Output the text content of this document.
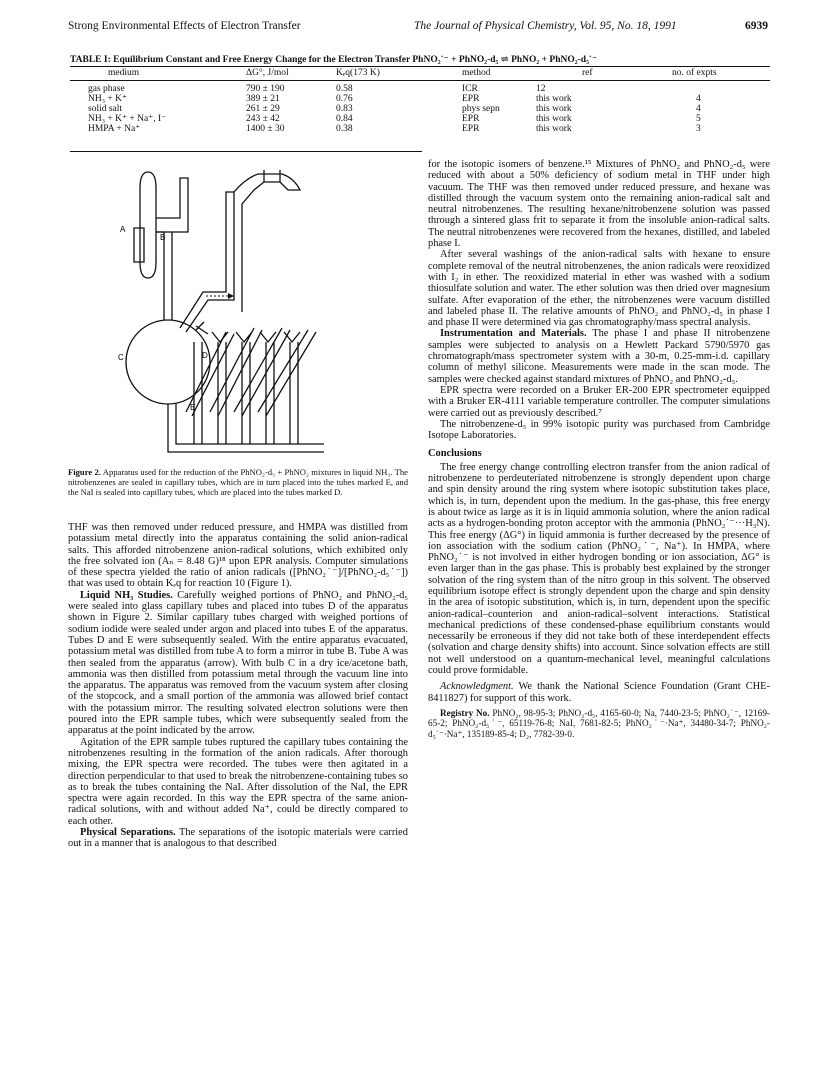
Strong Environmental Effects of Electron Transfer	The Journal of Physical Chemistry, Vol. 95, No. 18, 1991	6939
TABLE I: Equilibrium Constant and Free Energy Change for the Electron Transfer PhNO₂˙⁻ + PhNO₂-d₅ ⇌ PhNO₂ + PhNO₂-d₅˙⁻
medium	ΔG°, J/mol	Kₑq(173 K)	method	ref	no. of expts
gas phase	790 ± 190	0.58	ICR	12
NH₃ + K⁺	389 ± 21	0.76	EPR	this work	4
solid salt	261 ± 29	0.83	phys sepn	this work	4
NH₃ + K⁺ + Na⁺, I⁻	243 ± 42	0.84	EPR	this work	5
HMPA + Na⁺	1400 ± 30	0.38	EPR	this work	3
A
B
C	D
E
Figure 2. Apparatus used for the reduction of the PhNO₂-d₅ + PhNO₂ mixtures in liquid NH₃. The nitrobenzenes are sealed in capillary tubes, which are in turn placed into the tubes marked E, and the NaI is sealed into capillary tubes, which are placed into the tubes marked D.

THF was then removed under reduced pressure, and HMPA was distilled from potassium metal directly into the apparatus containing the solid anion-radical salts. This afforded nitrobenzene anion-radical solutions, which exhibited only the free solvated ion (Aₙ = 8.48 G)¹⁸ upon EPR analysis. Computer simulations of these spectra yielded the ratio of anion radicals ([PhNO₂˙⁻]/[PhNO₂-d₅˙⁻]) that was used to obtain Kₑq for reaction 10 (Figure 1).

Liquid NH₃ Studies. Carefully weighed portions of PhNO₂ and PhNO₂-d₅ were sealed into glass capillary tubes and placed into tubes D of the apparatus shown in Figure 2. Similar capillary tubes charged with weighed portions of sodium iodide were sealed under argon and placed into tubes E of the apparatus. Tubes D and E were subsequently sealed. With the entire apparatus evacuated, potassium metal was distilled from tube A to form a mirror in tube B. Tube A was then sealed from the apparatus (arrow). With bulb C in a dry ice/acetone bath, ammonia was then distilled from potassium metal through the vacuum line into the apparatus. The apparatus was removed from the vacuum system after closing of the stopcock, and a small portion of the ammonia was allowed brief contact with the potassium mirror. The resulting solvated electron solutions were then poured into the EPR sample tubes, which were subsequently sealed from the apparatus at the point indicated by the arrow.

Agitation of the EPR sample tubes ruptured the capillary tubes containing the nitrobenzenes resulting in the formation of the anion radicals. After thorough mixing, the EPR spectra were recorded. The tubes were then agitated in a direction perpendicular to that used to break the nitrobenzene-containing tubes so as to break the tubes containing the NaI. After dissolution of the NaI, the EPR spectra were again recorded. In this way the EPR spectra of the same anion-radical solutions, with and without added Na⁺, could be directly compared to each other.

Physical Separations. The separations of the isotopic materials were carried out in a manner that is analogous to that described

for the isotopic isomers of benzene.¹⁵ Mixtures of PhNO₂ and PhNO₂-d₅ were reduced with about a 50% deficiency of sodium metal in THF under high vacuum. The THF was then removed under reduced pressure, and hexane was distilled through the vacuum system onto the remaining anion-radical salt and neutral nitrobenzenes. The resulting hexane/nitrobenzene solution was passed through a sintered glass frit to separate it from the insoluble anion-radical salts. The neutral nitrobenzenes were recovered from the hexanes, distilled, and labeled phase I.

After several washings of the anion-radical salts with hexane to ensure complete removal of the neutral nitrobenzenes, the anion radicals were reoxidized with I₂ in ether. The reoxidized material in ether was washed with a sodium thiosulfate solution and water. The ether solution was then dried over magnesium sulfate. After evaporation of the ether, the nitrobenzenes were vacuum distilled and labeled phase II. The relative amounts of PhNO₂ and PhNO₂-d₅ in phase I and phase II were determined via gas chromatography/mass spectral analysis.

Instrumentation and Materials. The phase I and phase II nitrobenzene samples were subjected to analysis on a Hewlett Packard 5790/5970 gas chromatograph/mass spectrometer system with a 30-m, 0.25-mm-i.d. capillary column of methyl silicone. Measurements were made in the scan mode. The samples were checked against standard mixtures of PhNO₂ and PhNO₂-d₅.

EPR spectra were recorded on a Bruker ER-200 EPR spectrometer equipped with a Bruker ER-4111 variable temperature controller. The computer simulations were carried out as previously described.⁷

The nitrobenzene-d₅ in 99% isotopic purity was purchased from Cambridge Isotope Laboratories.

Conclusions

The free energy change controlling electron transfer from the anion radical of nitrobenzene to perdeuteriated nitrobenzene is strongly dependent upon charge and spin density around the ring system where isotopic substitution takes place, which is, in turn, dependent upon the medium. In the gas-phase, this free energy is about twice as large as it is in liquid ammonia solution, where the anion radical acts as a hydrogen-bonding proton acceptor with the ammonia (PhNO₂˙⁻···H₃N). This free energy (ΔG°) in liquid ammonia is further decreased by the presence of ion association with the sodium cation (PhNO₂˙⁻, Na⁺). In HMPA, where PhNO₂˙⁻ is not involved in either hydrogen bonding or ion association, ΔG° is even larger than in the gas phase. This is probably best explained by the stronger solvation of the ring system than of the nitro group in this solvent. The observed equilibrium isotope effect is strongly dependent upon the charge and spin density in the area of isotopic substitution, which is, in turn, dependent upon the specific anion-radical–counterion and anion-radical–solvent interactions. Statistical mechanical predictions of these condensed-phase equilibrium constants would necessarily be erroneous if they did not take both of these interdependent effects (solvation and charge density shifts) into account. Since solvation effects are still not well understood on a quantum-mechanical level, meaningful calculations could prove formidable.

Acknowledgment. We thank the National Science Foundation (Grant CHE-8411827) for support of this work.

Registry No. PhNO₂, 98-95-3; PhNO₂-d₅, 4165-60-0; Na, 7440-23-5; PhNO₂˙⁻, 12169-65-2; PhNO₂-d₅˙⁻, 65119-76-8; NaI, 7681-82-5; PhNO₂˙⁻·Na⁺, 34480-34-7; PhNO₂-d₅˙⁻·Na⁺, 135189-85-4; D₂, 7782-39-0.
